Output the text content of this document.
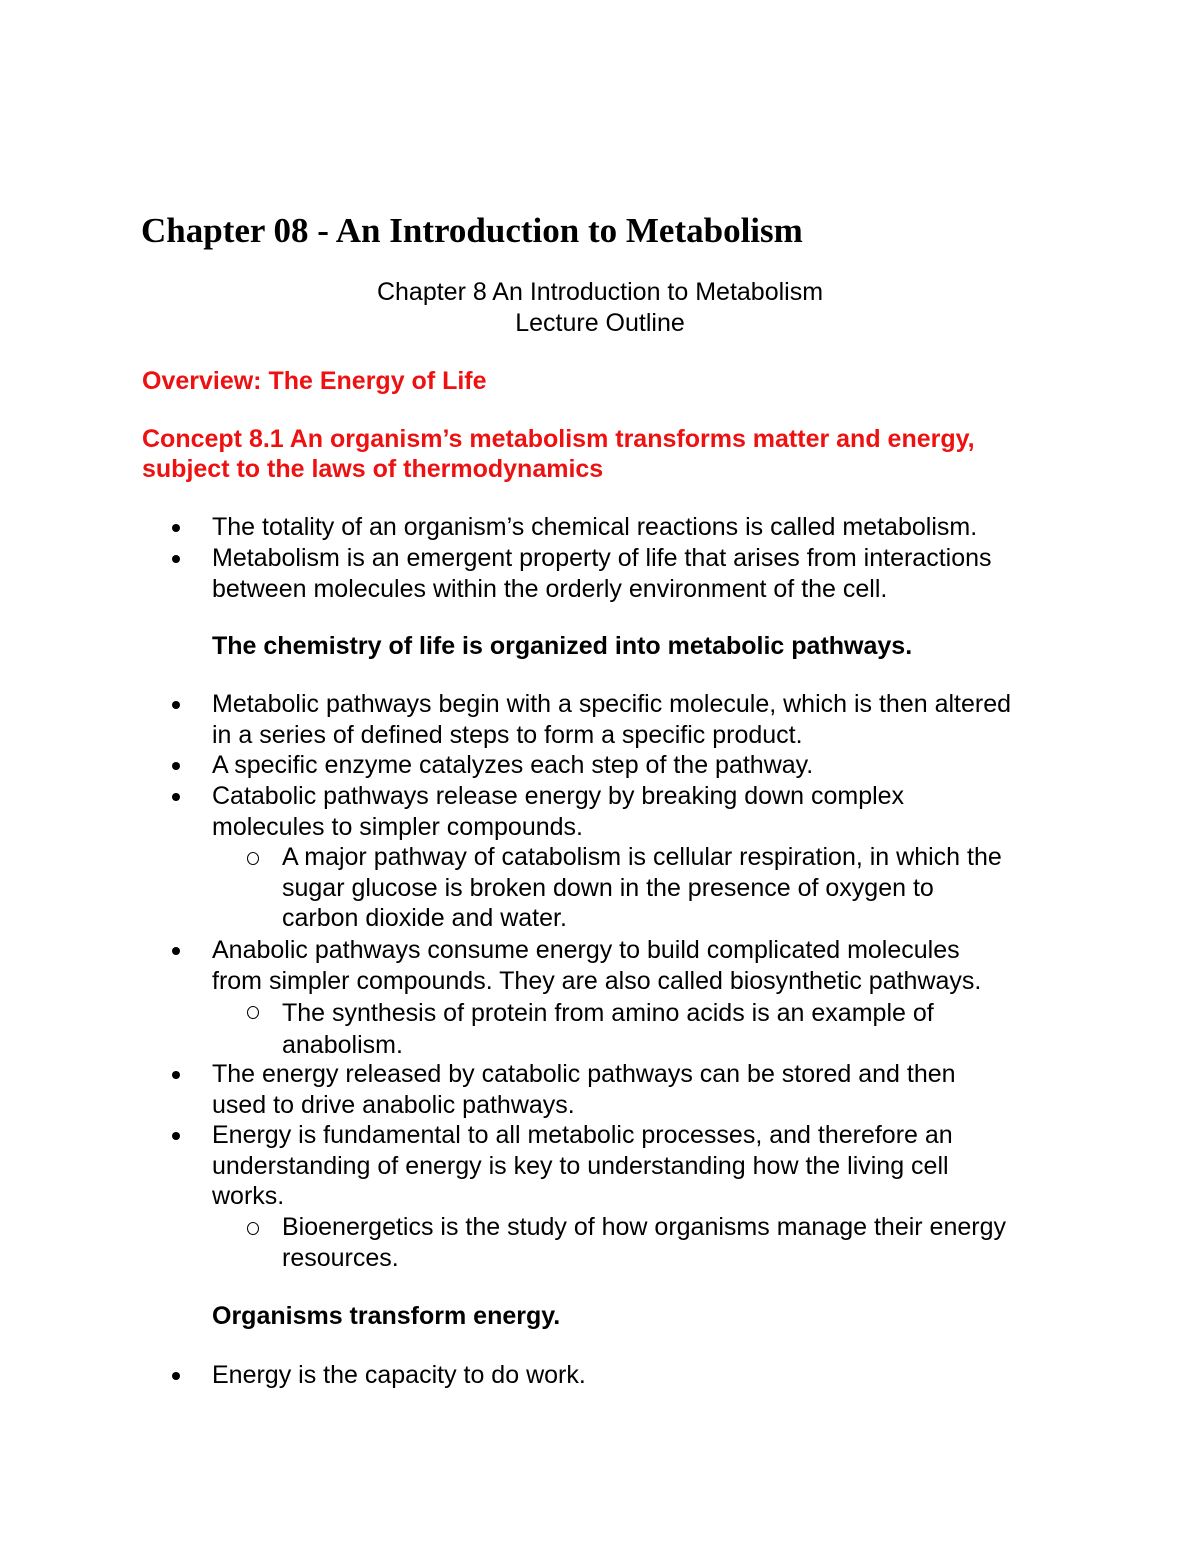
Chapter 08 - An Introduction to Metabolism
Chapter 8 An Introduction to Metabolism
Lecture Outline
Overview: The Energy of Life
Concept 8.1 An organism’s metabolism transforms matter and energy,
subject to the laws of thermodynamics
The totality of an organism’s chemical reactions is called metabolism.
Metabolism is an emergent property of life that arises from interactions
between molecules within the orderly environment of the cell.
The chemistry of life is organized into metabolic pathways.
Metabolic pathways begin with a specific molecule, which is then altered
in a series of defined steps to form a specific product.
A specific enzyme catalyzes each step of the pathway.
Catabolic pathways release energy by breaking down complex
molecules to simpler compounds.
A major pathway of catabolism is cellular respiration, in which the
sugar glucose is broken down in the presence of oxygen to
carbon dioxide and water.
Anabolic pathways consume energy to build complicated molecules
from simpler compounds. They are also called biosynthetic pathways.
The synthesis of protein from amino acids is an example of
anabolism.
The energy released by catabolic pathways can be stored and then
used to drive anabolic pathways.
Energy is fundamental to all metabolic processes, and therefore an
understanding of energy is key to understanding how the living cell
works.
Bioenergetics is the study of how organisms manage their energy
resources.
Organisms transform energy.
Energy is the capacity to do work.
